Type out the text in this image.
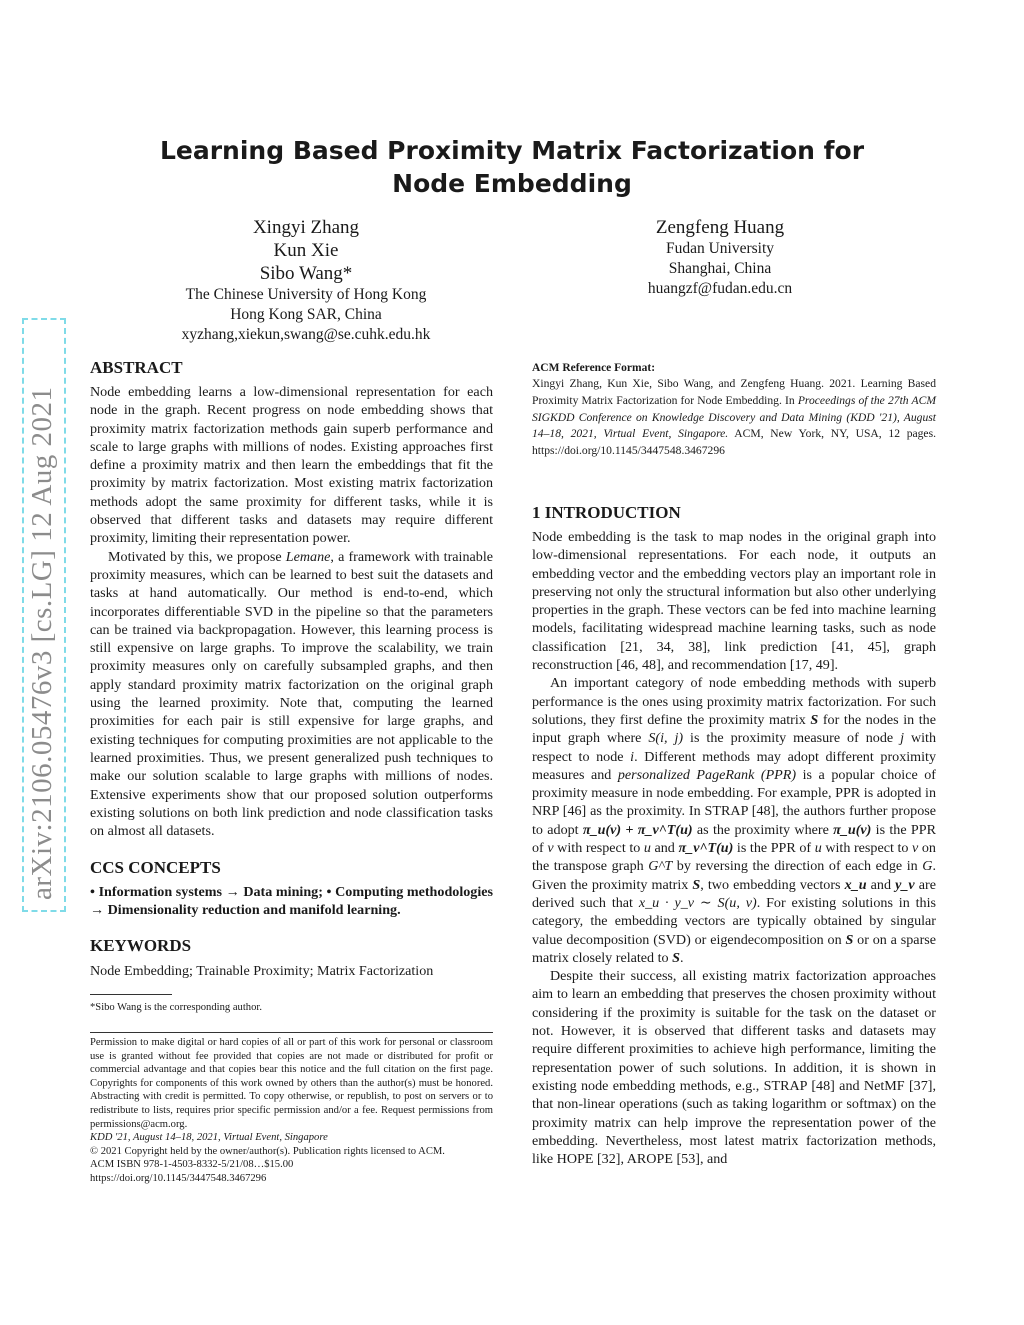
arXiv:2106.05476v3 [cs.LG] 12 Aug 2021
Learning Based Proximity Matrix Factorization for Node Embedding
Xingyi Zhang
Kun Xie
Sibo Wang*
The Chinese University of Hong Kong
Hong Kong SAR, China
xyzhang,xiekun,swang@se.cuhk.edu.hk
Zengfeng Huang
Fudan University
Shanghai, China
huangzf@fudan.edu.cn
ABSTRACT

Node embedding learns a low-dimensional representation for each node in the graph. Recent progress on node embedding shows that proximity matrix factorization methods gain superb performance and scale to large graphs with millions of nodes. Existing approaches first define a proximity matrix and then learn the embeddings that fit the proximity by matrix factorization. Most existing matrix factorization methods adopt the same proximity for different tasks, while it is observed that different tasks and datasets may require different proximity, limiting their representation power.

Motivated by this, we propose Lemane, a framework with trainable proximity measures, which can be learned to best suit the datasets and tasks at hand automatically. Our method is end-to-end, which incorporates differentiable SVD in the pipeline so that the parameters can be trained via backpropagation. However, this learning process is still expensive on large graphs. To improve the scalability, we train proximity measures only on carefully subsampled graphs, and then apply standard proximity matrix factorization on the original graph using the learned proximity. Note that, computing the learned proximities for each pair is still expensive for large graphs, and existing techniques for computing proximities are not applicable to the learned proximities. Thus, we present generalized push techniques to make our solution scalable to large graphs with millions of nodes. Extensive experiments show that our proposed solution outperforms existing solutions on both link prediction and node classification tasks on almost all datasets.

CCS CONCEPTS
• Information systems → Data mining; • Computing methodologies → Dimensionality reduction and manifold learning.
KEYWORDS
Node Embedding; Trainable Proximity; Matrix Factorization
*Sibo Wang is the corresponding author.
Permission to make digital or hard copies of all or part of this work for personal or classroom use is granted without fee provided that copies are not made or distributed for profit or commercial advantage and that copies bear this notice and the full citation on the first page. Copyrights for components of this work owned by others than the author(s) must be honored. Abstracting with credit is permitted. To copy otherwise, or republish, to post on servers or to redistribute to lists, requires prior specific permission and/or a fee. Request permissions from permissions@acm.org.
KDD '21, August 14–18, 2021, Virtual Event, Singapore
© 2021 Copyright held by the owner/author(s). Publication rights licensed to ACM.
ACM ISBN 978-1-4503-8332-5/21/08…$15.00
https://doi.org/10.1145/3447548.3467296
ACM Reference Format:
Xingyi Zhang, Kun Xie, Sibo Wang, and Zengfeng Huang. 2021. Learning Based Proximity Matrix Factorization for Node Embedding. In Proceedings of the 27th ACM SIGKDD Conference on Knowledge Discovery and Data Mining (KDD '21), August 14–18, 2021, Virtual Event, Singapore. ACM, New York, NY, USA, 12 pages. https://doi.org/10.1145/3447548.3467296
1 INTRODUCTION

Node embedding is the task to map nodes in the original graph into low-dimensional representations. For each node, it outputs an embedding vector and the embedding vectors play an important role in preserving not only the structural information but also other underlying properties in the graph. These vectors can be fed into machine learning models, facilitating widespread machine learning tasks, such as node classification [21, 34, 38], link prediction [41, 45], graph reconstruction [46, 48], and recommendation [17, 49].

An important category of node embedding methods with superb performance is the ones using proximity matrix factorization. For such solutions, they first define the proximity matrix S for the nodes in the input graph where S(i, j) is the proximity measure of node j with respect to node i. Different methods may adopt different proximity measures and personalized PageRank (PPR) is a popular choice of proximity measure in node embedding. For example, PPR is adopted in NRP [46] as the proximity. In STRAP [48], the authors further propose to adopt π_u(v) + π_v^T(u) as the proximity where π_u(v) is the PPR of v with respect to u and π_v^T(u) is the PPR of u with respect to v on the transpose graph G^T by reversing the direction of each edge in G. Given the proximity matrix S, two embedding vectors x_u and y_v are derived such that x_u · y_v ∼ S(u, v). For existing solutions in this category, the embedding vectors are typically obtained by singular value decomposition (SVD) or eigendecomposition on S or on a sparse matrix closely related to S.

Despite their success, all existing matrix factorization approaches aim to learn an embedding that preserves the chosen proximity without considering if the proximity is suitable for the task on the dataset or not. However, it is observed that different tasks and datasets may require different proximities to achieve high performance, limiting the representation power of such solutions. In addition, it is shown in existing node embedding methods, e.g., STRAP [48] and NetMF [37], that non-linear operations (such as taking logarithm or softmax) on the proximity matrix can help improve the representation power of the embedding. Nevertheless, most latest matrix factorization methods, like HOPE [32], AROPE [53], and
